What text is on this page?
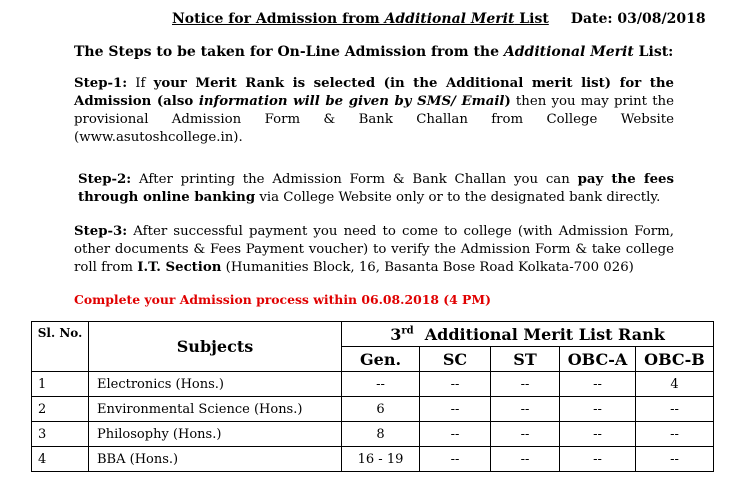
Notice for Admission from Additional Merit List Date: 03/08/2018
The Steps to be taken for On-Line Admission from the Additional Merit List:
Step-1: If your Merit Rank is selected (in the Additional merit list) for the Admission (also information will be given by SMS/ Email) then you may print the provisional Admission Form & Bank Challan from College Website (www.asutoshcollege.in).
Step-2: After printing the Admission Form & Bank Challan you can pay the fees through online banking via College Website only or to the designated bank directly.
Step-3: After successful payment you need to come to college (with Admission Form, other documents & Fees Payment voucher) to verify the Admission Form & take college roll from I.T. Section (Humanities Block, 16, Basanta Bose Road Kolkata-700 026)
Complete your Admission process within 06.08.2018 (4 PM)
Sl. No.	Subjects	3rd  Additional Merit List Rank				
		Gen.	SC	ST	OBC-A	OBC-B
1	Electronics (Hons.)	--	--	--	--	4
2	Environmental Science (Hons.)	6	--	--	--	--
3	Philosophy (Hons.)	8	--	--	--	--
4	BBA (Hons.)	16 - 19	--	--	--	--
